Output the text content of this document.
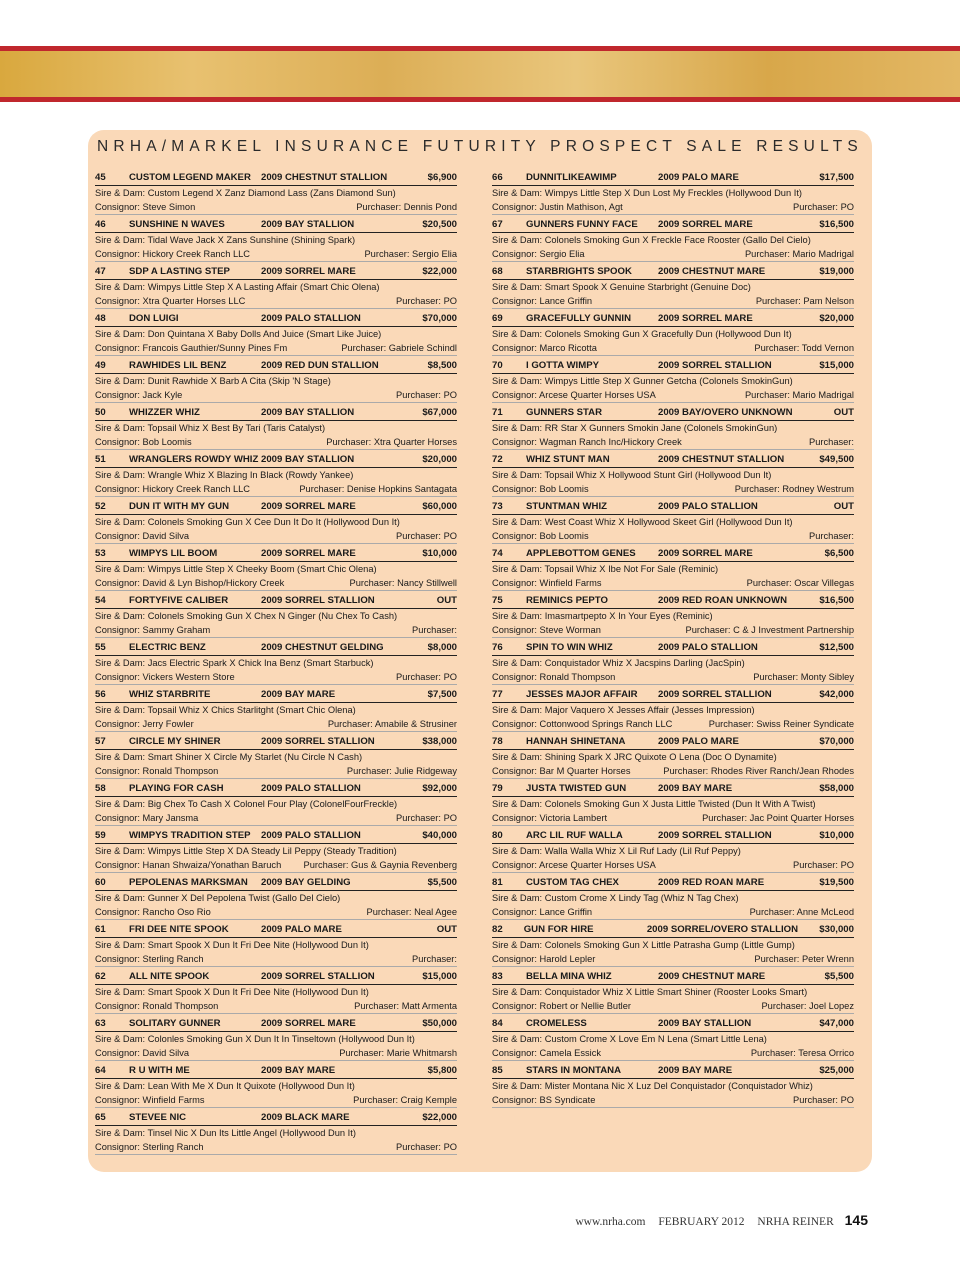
NRHA/MARKEL INSURANCE FUTURITY PROSPECT SALE RESULTS
45	CUSTOM LEGEND MAKER	2009 CHESTNUT STALLION	$6,900
Sire & Dam: Custom Legend X Zanz Diamond Lass (Zans Diamond Sun)
Consignor: Steve Simon	Purchaser: Dennis Pond
46	SUNSHINE N WAVES	2009 BAY STALLION	$20,500
Sire & Dam: Tidal Wave Jack X Zans Sunshine (Shining Spark)
Consignor: Hickory Creek Ranch LLC	Purchaser: Sergio Elia
47	SDP A LASTING STEP	2009 SORREL MARE	$22,000
Sire & Dam: Wimpys Little Step X A Lasting Affair (Smart Chic Olena)
Consignor: Xtra Quarter Horses LLC	Purchaser: PO
48	DON LUIGI	2009 PALO STALLION	$70,000
Sire & Dam: Don Quintana X Baby Dolls And Juice (Smart Like Juice)
Consignor: Francois Gauthier/Sunny Pines Fm	Purchaser: Gabriele Schindl
49	RAWHIDES LIL BENZ	2009 RED DUN STALLION	$8,500
Sire & Dam: Dunit Rawhide X Barb A Cita (Skip 'N Stage)
Consignor: Jack Kyle	Purchaser: PO
50	WHIZZER WHIZ	2009 BAY STALLION	$67,000
Sire & Dam: Topsail Whiz X Best By Tari (Taris Catalyst)
Consignor: Bob Loomis	Purchaser: Xtra Quarter Horses
51	WRANGLERS ROWDY WHIZ 2009 BAY STALLION	$20,000
Sire & Dam: Wrangle Whiz X Blazing In Black (Rowdy Yankee)
Consignor: Hickory Creek Ranch LLC	Purchaser: Denise Hopkins Santagata
52	DUN IT WITH MY GUN	2009 SORREL MARE	$60,000
Sire & Dam: Colonels Smoking Gun X Cee Dun It Do It (Hollywood Dun It)
Consignor: David Silva	Purchaser: PO
53	WIMPYS LIL BOOM	2009 SORREL MARE	$10,000
Sire & Dam: Wimpys Little Step X Cheeky Boom (Smart Chic Olena)
Consignor: David & Lyn Bishop/Hickory Creek	Purchaser: Nancy Stillwell
54	FORTYFIVE CALIBER	2009 SORREL STALLION	OUT
Sire & Dam: Colonels Smoking Gun X Chex N Ginger (Nu Chex To Cash)
Consignor: Sammy Graham	Purchaser:
55	ELECTRIC BENZ	2009 CHESTNUT GELDING	$8,000
Sire & Dam: Jacs Electric Spark X Chick Ina Benz (Smart Starbuck)
Consignor: Vickers Western Store	Purchaser: PO
56	WHIZ STARBRITE	2009 BAY MARE	$7,500
Sire & Dam: Topsail Whiz X Chics Starlitght (Smart Chic Olena)
Consignor: Jerry Fowler	Purchaser: Amabile & Strusiner
57	CIRCLE MY SHINER	2009 SORREL STALLION	$38,000
Sire & Dam: Smart Shiner X Circle My Starlet (Nu Circle N Cash)
Consignor: Ronald Thompson	Purchaser: Julie Ridgeway
58	PLAYING FOR CASH	2009 PALO STALLION	$92,000
Sire & Dam: Big Chex To Cash X Colonel Four Play (ColonelFourFreckle)
Consignor: Mary Jansma	Purchaser: PO
59	WIMPYS TRADITION STEP	2009 PALO STALLION	$40,000
Sire & Dam: Wimpys Little Step X DA Steady Lil Peppy (Steady Tradition)
Consignor: Hanan Shwaiza/Yonathan Baruch Purchaser: Gus & Gaynia Revenberg
60	PEPOLENAS MARKSMAN	2009 BAY GELDING	$5,500
Sire & Dam: Gunner X Del Pepolena Twist (Gallo Del Cielo)
Consignor: Rancho Oso Rio	Purchaser: Neal Agee
61	FRI DEE NITE SPOOK	2009 PALO MARE	OUT
Sire & Dam: Smart Spook X Dun It Fri Dee Nite (Hollywood Dun It)
Consignor: Sterling Ranch	Purchaser:
62	ALL NITE SPOOK	2009 SORREL STALLION	$15,000
Sire & Dam: Smart Spook X Dun It Fri Dee Nite (Hollywood Dun It)
Consignor: Ronald Thompson	Purchaser: Matt Armenta
63	SOLITARY GUNNER	2009 SORREL MARE	$50,000
Sire & Dam: Colonles Smoking Gun X Dun It In Tinseltown (Hollywood Dun It)
Consignor: David Silva	Purchaser: Marie Whitmarsh
64	R U WITH ME	2009 BAY MARE	$5,800
Sire & Dam: Lean With Me X Dun It Quixote (Hollywood Dun It)
Consignor: Winfield Farms	Purchaser: Craig Kemple
65	STEVEE NIC	2009 BLACK MARE	$22,000
Sire & Dam: Tinsel Nic X Dun Its Little Angel (Hollywood Dun It)
Consignor: Sterling Ranch	Purchaser: PO
66	DUNNITLIKEAWIMP	2009 PALO MARE	$17,500
Sire & Dam: Wimpys Little Step X Dun Lost My Freckles (Hollywood Dun It)
Consignor: Justin Mathison, Agt	Purchaser: PO
67	GUNNERS FUNNY FACE	2009 SORREL MARE	$16,500
Sire & Dam: Colonels Smoking Gun X Freckle Face Rooster (Gallo Del Cielo)
Consignor: Sergio Elia	Purchaser: Mario Madrigal
68	STARBRIGHTS SPOOK	2009 CHESTNUT MARE	$19,000
Sire & Dam: Smart Spook X Genuine Starbright (Genuine Doc)
Consignor: Lance Griffin	Purchaser: Pam Nelson
69	GRACEFULLY GUNNIN	2009 SORREL MARE	$20,000
Sire & Dam: Colonels Smoking Gun X Gracefully Dun (Hollywood Dun It)
Consignor: Marco Ricotta	Purchaser: Todd Vernon
70	I GOTTA WIMPY	2009 SORREL STALLION	$15,000
Sire & Dam: Wimpys Little Step X Gunner Getcha (Colonels SmokinGun)
Consignor: Arcese Quarter Horses USA	Purchaser: Mario Madrigal
71	GUNNERS STAR	2009 BAY/OVERO UNKNOWN	OUT
Sire & Dam: RR Star X Gunners Smokin Jane (Colonels SmokinGun)
Consignor: Wagman Ranch Inc/Hickory Creek	Purchaser:
72	WHIZ STUNT MAN	2009 CHESTNUT STALLION	$49,500
Sire & Dam: Topsail Whiz X Hollywood Stunt Girl (Hollywood Dun It)
Consignor: Bob Loomis	Purchaser: Rodney Westrum
73	STUNTMAN WHIZ	2009 PALO STALLION	OUT
Sire & Dam: West Coast Whiz X Hollywood Skeet Girl (Hollywood Dun It)
Consignor: Bob Loomis	Purchaser:
74	APPLEBOTTOM GENES	2009 SORREL MARE	$6,500
Sire & Dam: Topsail Whiz X Ibe Not For Sale (Reminic)
Consignor: Winfield Farms	Purchaser: Oscar Villegas
75	REMINICS PEPTO	2009 RED ROAN UNKNOWN	$16,500
Sire & Dam: Imasmartpepto X In Your Eyes (Reminic)
Consignor: Steve Worman	Purchaser: C & J Investment Partnership
76	SPIN TO WIN WHIZ	2009 PALO STALLION	$12,500
Sire & Dam: Conquistador Whiz X Jacspins Darling (JacSpin)
Consignor: Ronald Thompson	Purchaser: Monty Sibley
77	JESSES MAJOR AFFAIR	2009 SORREL STALLION	$42,000
Sire & Dam: Major Vaquero X Jesses Affair (Jesses Impression)
Consignor: Cottonwood Springs Ranch LLC	Purchaser: Swiss Reiner Syndicate
78	HANNAH SHINETANA	2009 PALO MARE	$70,000
Sire & Dam: Shining Spark X JRC Quixote O Lena (Doc O Dynamite)
Consignor: Bar M Quarter Horses	Purchaser: Rhodes River Ranch/Jean Rhodes
79	JUSTA TWISTED GUN	2009 BAY MARE	$58,000
Sire & Dam: Colonels Smoking Gun X Justa Little Twisted (Dun It With A Twist)
Consignor: Victoria Lambert	Purchaser: Jac Point Quarter Horses
80	ARC LIL RUF WALLA	2009 SORREL STALLION	$10,000
Sire & Dam: Walla Walla Whiz X Lil Ruf Lady (Lil Ruf Peppy)
Consignor: Arcese Quarter Horses USA	Purchaser: PO
81	CUSTOM TAG CHEX	2009 RED ROAN MARE	$19,500
Sire & Dam: Custom Crome X Lindy Tag (Whiz N Tag Chex)
Consignor: Lance Griffin	Purchaser: Anne McLeod
82	GUN FOR HIRE	2009 SORREL/OVERO STALLION	$30,000
Sire & Dam: Colonels Smoking Gun X Little Patrasha Gump (Little Gump)
Consignor: Harold Lepler	Purchaser: Peter Wrenn
83	BELLA MINA WHIZ	2009 CHESTNUT MARE	$5,500
Sire & Dam: Conquistador Whiz X Little Smart Shiner (Rooster Looks Smart)
Consignor: Robert or Nellie Butler	Purchaser: Joel Lopez
84	CROMELESS	2009 BAY STALLION	$47,000
Sire & Dam: Custom Crome X Love Em N Lena (Smart Little Lena)
Consignor: Camela Essick	Purchaser: Teresa Orrico
85	STARS IN MONTANA	2009 BAY MARE	$25,000
Sire & Dam: Mister Montana Nic X Luz Del Conquistador (Conquistador Whiz)
Consignor: BS Syndicate	Purchaser: PO
www.nrha.com FEBRUARY 2012 NRHA REINER 145
